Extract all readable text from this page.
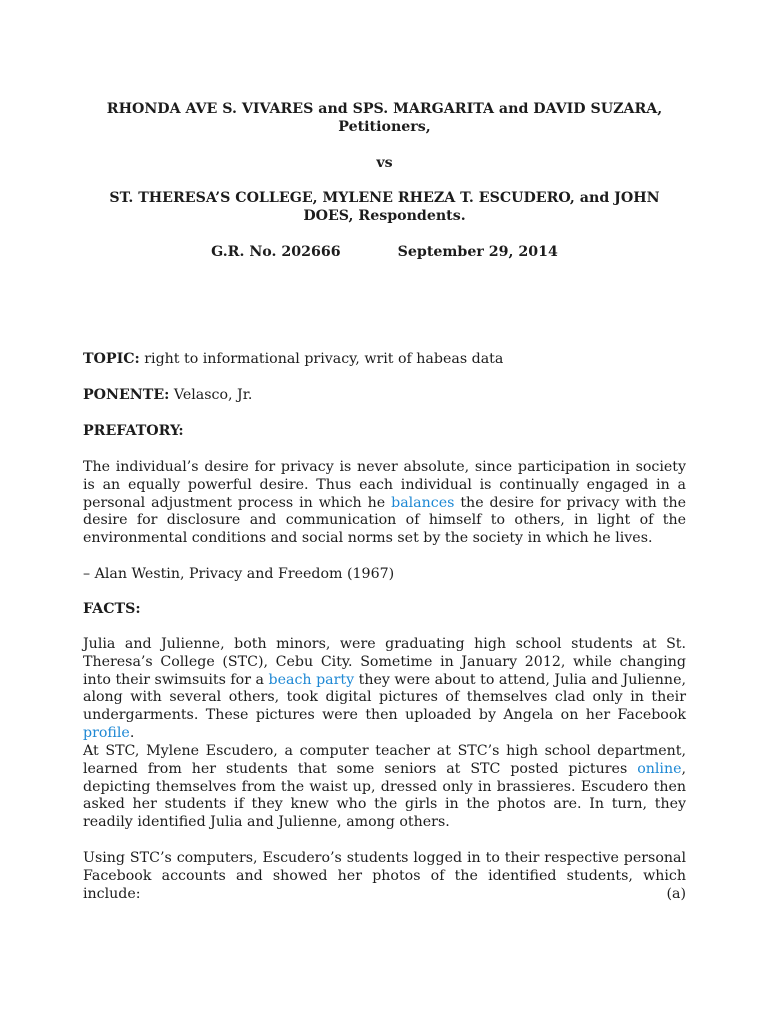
RHONDA AVE S. VIVARES and SPS. MARGARITA and DAVID SUZARA,
Petitioners,
vs
ST. THERESA’S COLLEGE, MYLENE RHEZA T. ESCUDERO, and JOHN
DOES, Respondents.
G.R. No. 202666	September 29, 2014

TOPIC: right to informational privacy, writ of habeas data

PONENTE: Velasco, Jr.

PREFATORY:

The individual’s desire for privacy is never absolute, since participation in society is an equally powerful desire. Thus each individual is continually engaged in a personal adjustment process in which he balances the desire for privacy with the desire for disclosure and communication of himself to others, in light of the environmental conditions and social norms set by the society in which he lives.

– Alan Westin, Privacy and Freedom (1967)

FACTS:

Julia and Julienne, both minors, were graduating high school students at St. Theresa’s College (STC), Cebu City. Sometime in January 2012, while changing into their swimsuits for a beach party they were about to attend, Julia and Julienne, along with several others, took digital pictures of themselves clad only in their undergarments. These pictures were then uploaded by Angela on her Facebook profile.

At STC, Mylene Escudero, a computer teacher at STC’s high school department, learned from her students that some seniors at STC posted pictures online, depicting themselves from the waist up, dressed only in brassieres. Escudero then asked her students if they knew who the girls in the photos are. In turn, they readily identified Julia and Julienne, among others.

Using STC’s computers, Escudero’s students logged in to their respective personal Facebook accounts and showed her photos of the identified students, which include: (a)
